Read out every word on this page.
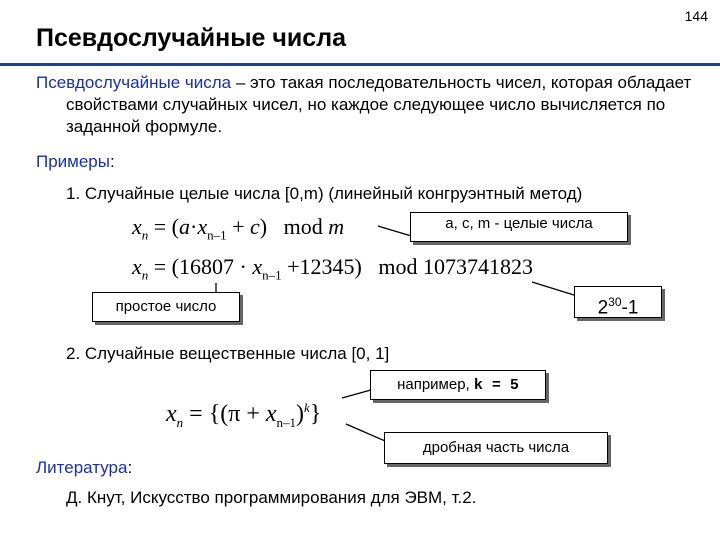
144
Псевдослучайные числа
Псевдослучайные числа – это такая последовательность чисел, которая обладает свойствами случайных чисел, но каждое следующее число вычисляется по заданной формуле.
Примеры:
1. Случайные целые числа [0,m) (линейный конгруэнтный метод)
$x_n = (a\cdot x_{n-1} + c)$ mod m
$x_n = (16807 \cdot x_{n-1} +12345)$ mod 1073741823
a, c, m - целые числа
простое число	$2^{30}-1$
2. Случайные вещественные числа [0, 1]
например, k = 5
$x_n = \{(\pi + x_{n-1})^k\}$
дробная часть числа
Литература:
Д. Кнут, Искусство программирования для ЭВМ, т.2.
